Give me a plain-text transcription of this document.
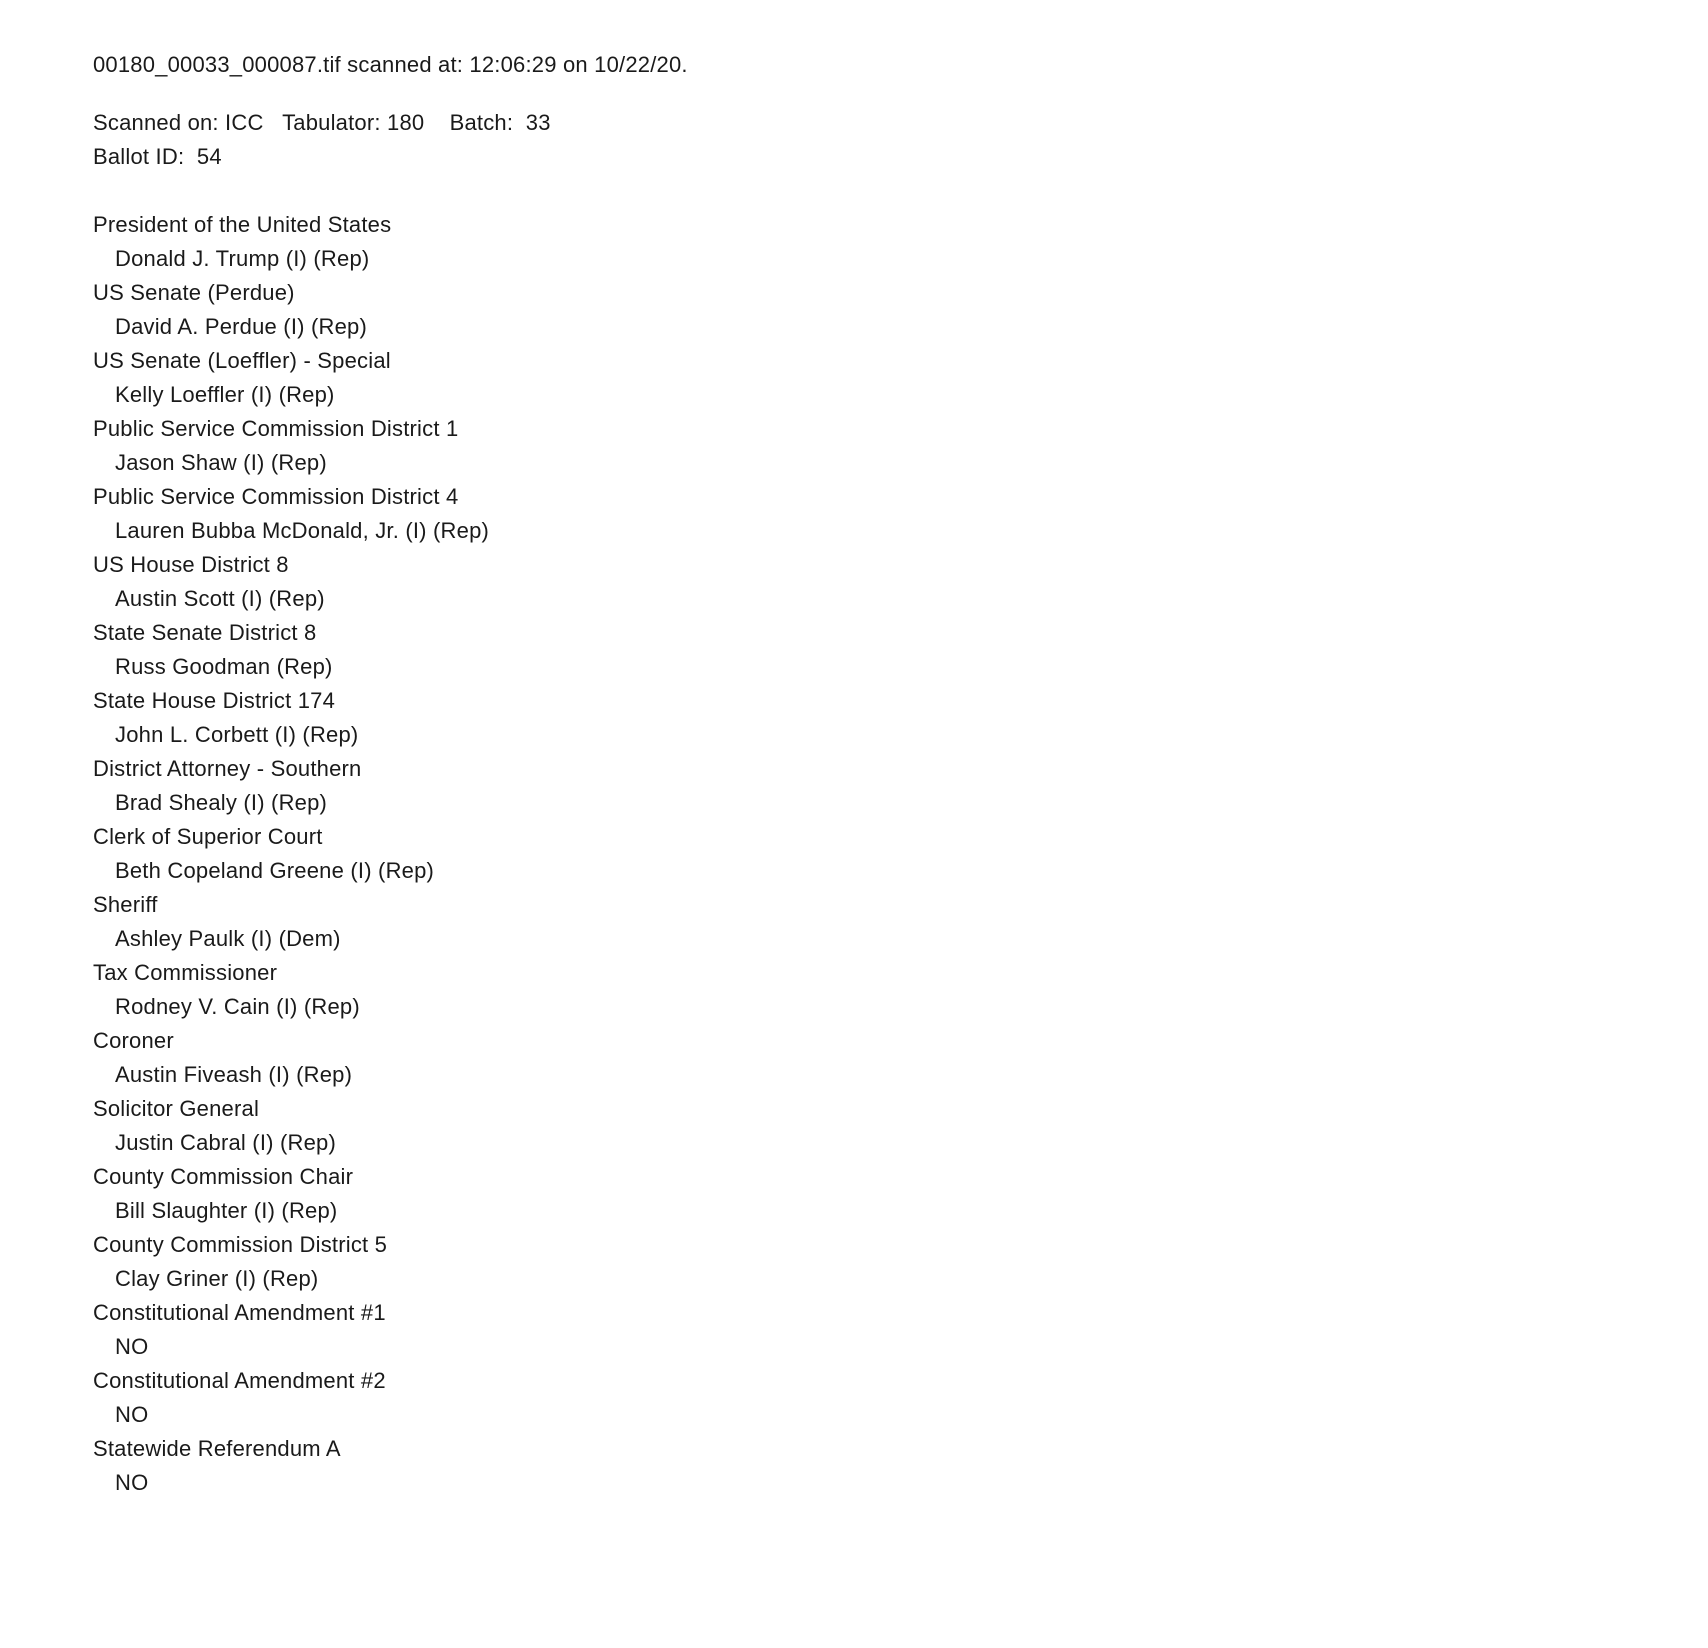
00180_00033_000087.tif scanned at: 12:06:29 on 10/22/20.
Scanned on: ICC   Tabulator: 180    Batch:  33
Ballot ID:  54
President of the United States
Donald J. Trump (I) (Rep)
US Senate (Perdue)
David A. Perdue (I) (Rep)
US Senate (Loeffler) - Special
Kelly Loeffler (I) (Rep)
Public Service Commission District 1
Jason Shaw (I) (Rep)
Public Service Commission District 4
Lauren Bubba McDonald, Jr. (I) (Rep)
US House District 8
Austin Scott (I) (Rep)
State Senate District 8
Russ Goodman (Rep)
State House District 174
John L. Corbett (I) (Rep)
District Attorney - Southern
Brad Shealy (I) (Rep)
Clerk of Superior Court
Beth Copeland Greene (I) (Rep)
Sheriff
Ashley Paulk (I) (Dem)
Tax Commissioner
Rodney V. Cain (I) (Rep)
Coroner
Austin Fiveash (I) (Rep)
Solicitor General
Justin Cabral (I) (Rep)
County Commission Chair
Bill Slaughter (I) (Rep)
County Commission District 5
Clay Griner (I) (Rep)
Constitutional Amendment #1
NO
Constitutional Amendment #2
NO
Statewide Referendum A
NO
